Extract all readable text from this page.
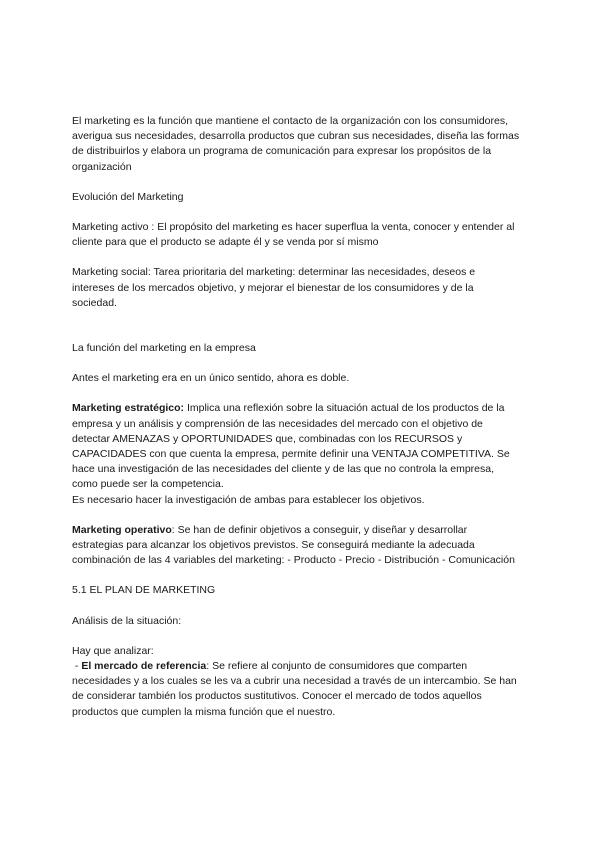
El marketing es la función que mantiene el contacto de la organización con los consumidores, averigua sus necesidades, desarrolla productos que cubran sus necesidades, diseña las formas de distribuirlos y elabora un programa de comunicación para expresar los propósitos de la organización

Evolución del Marketing

Marketing activo : El propósito del marketing es hacer superflua la venta, conocer y entender al cliente para que el producto se adapte él y se venda por sí mismo

Marketing social: Tarea prioritaria del marketing: determinar las necesidades, deseos e intereses de los mercados objetivo, y mejorar el bienestar de los consumidores y de la sociedad.

La función del marketing en la empresa

Antes el marketing era en un único sentido, ahora es doble.

Marketing estratégico: Implica una reflexión sobre la situación actual de los productos de la empresa y un análisis y comprensión de las necesidades del mercado con el objetivo de detectar AMENAZAS y OPORTUNIDADES que, combinadas con los RECURSOS y CAPACIDADES con que cuenta la empresa, permite definir una VENTAJA COMPETITIVA. Se hace una investigación de las necesidades del cliente y de las que no controla la empresa, como puede ser la competencia.

Es necesario hacer la investigación de ambas para establecer los objetivos.

Marketing operativo: Se han de definir objetivos a conseguir, y diseñar y desarrollar estrategias para alcanzar los objetivos previstos. Se conseguirá mediante la adecuada combinación de las 4 variables del marketing: - Producto - Precio - Distribución - Comunicación

5.1 EL PLAN DE MARKETING

Análisis de la situación:

Hay que analizar:

- El mercado de referencia: Se refiere al conjunto de consumidores que comparten necesidades y a los cuales se les va a cubrir una necesidad a través de un intercambio. Se han de considerar también los productos sustitutivos. Conocer el mercado de todos aquellos productos que cumplen la misma función que el nuestro.
